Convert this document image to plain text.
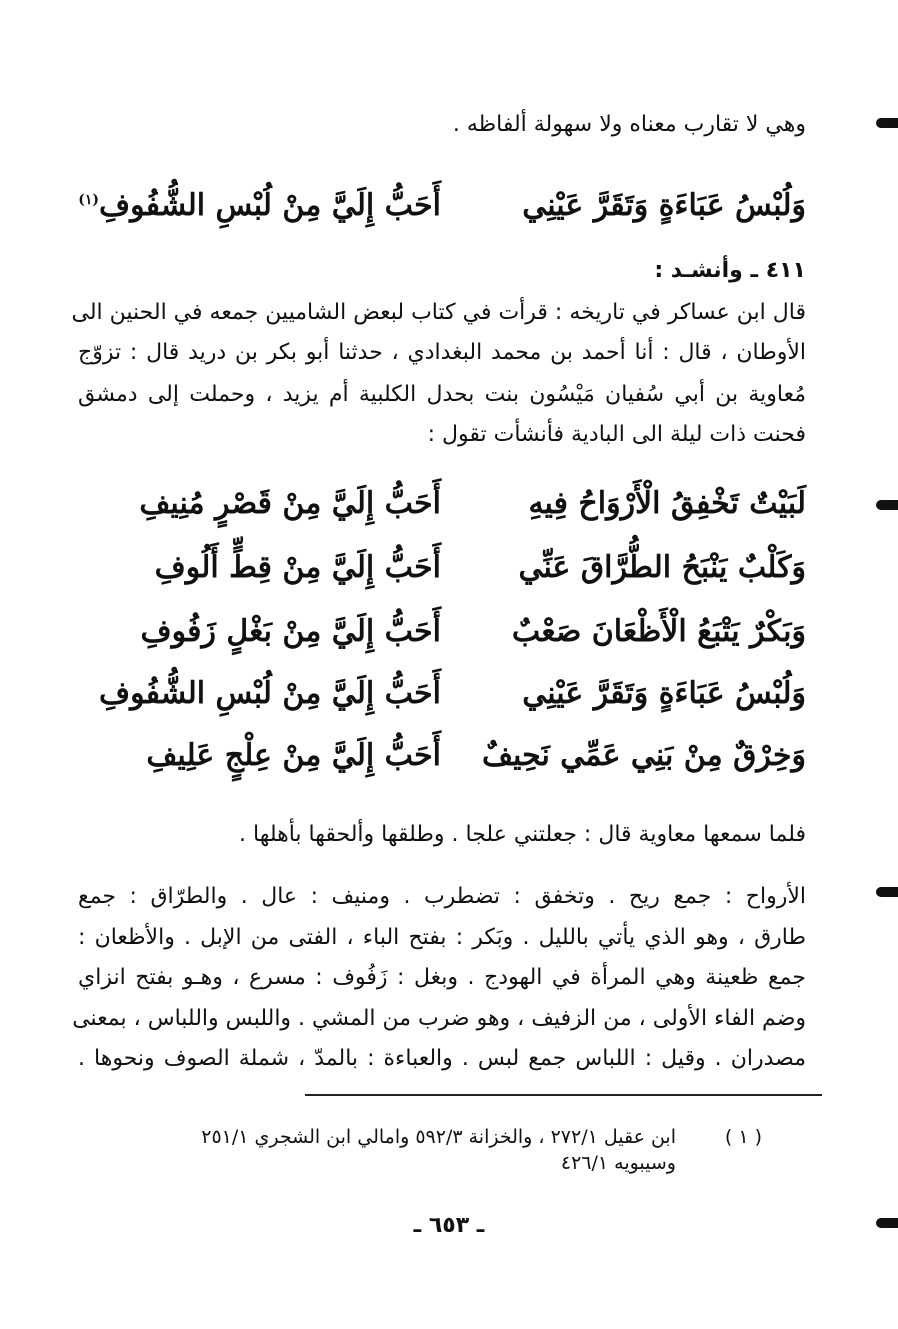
وهي لا تقارب معناه ولا سهولة ألفاظه .
وَلُبْسُ عَبَاءَةٍ وَتَقَرَّ عَيْنِي
أَحَبُّ إِلَيَّ مِنْ لُبْسِ الشُّفُوفِ$^{(١)}$
٤١١ ـ وأنشـد :
قال ابن عساكر في تاريخه : قرأت في كتاب لبعض الشاميين جمعه في الحنين الى
الأوطان ، قال : أنا أحمد بن محمد البغدادي ، حدثنا أبو بكر بن دريد قال : تزوّج
مُعاوية بن أبي سُفيان مَيْسُون بنت بحدل الكلبية أم يزيد ، وحملت إلى دمشق
فحنت ذات ليلة الى البادية فأنشأت تقول :
لَبَيْتٌ تَخْفِقُ الْأَرْوَاحُ فِيهِ
أَحَبُّ إِلَيَّ مِنْ قَصْرٍ مُنِيفِ
وَكَلْبٌ يَنْبَحُ الطُّرَّاقَ عَنِّي
أَحَبُّ إِلَيَّ مِنْ قِطٍّ أَلُوفِ
وَبَكْرٌ يَتْبَعُ الْأَظْعَانَ صَعْبٌ
أَحَبُّ إِلَيَّ مِنْ بَغْلٍ زَفُوفِ
وَلُبْسُ عَبَاءَةٍ وَتَقَرَّ عَيْنِي
أَحَبُّ إِلَيَّ مِنْ لُبْسِ الشُّفُوفِ
وَخِرْقٌ مِنْ بَنِي عَمِّي نَحِيفٌ
أَحَبُّ إِلَيَّ مِنْ عِلْجٍ عَلِيفِ
فلما سمعها معاوية قال : جعلتني علجا . وطلقها وألحقها بأهلها .
الأرواح : جمع ريح . وتخفق : تضطرب . ومنيف : عال . والطرّاق : جمع
طارق ، وهو الذي يأتي بالليل . وبَكر : بفتح الباء ، الفتى من الإبل . والأظعان :
جمع ظعينة وهي المرأة في الهودج . وبغل : زَفُوف : مسرع ، وهـو بفتح انزاي
وضم الفاء الأولى ، من الزفيف ، وهو ضرب من المشي . واللبس واللباس ، بمعنى
مصدران . وقيل : اللباس جمع لبس . والعباءة : بالمدّ ، شملة الصوف ونحوها .
( ١ )
ابن عقيل ٢٧٢/١ ، والخزانة ٥٩٢/٣ وامالي ابن الشجري ٢٥١/١
وسيبويه ٤٢٦/١
ـ ٦٥٣ ـ
